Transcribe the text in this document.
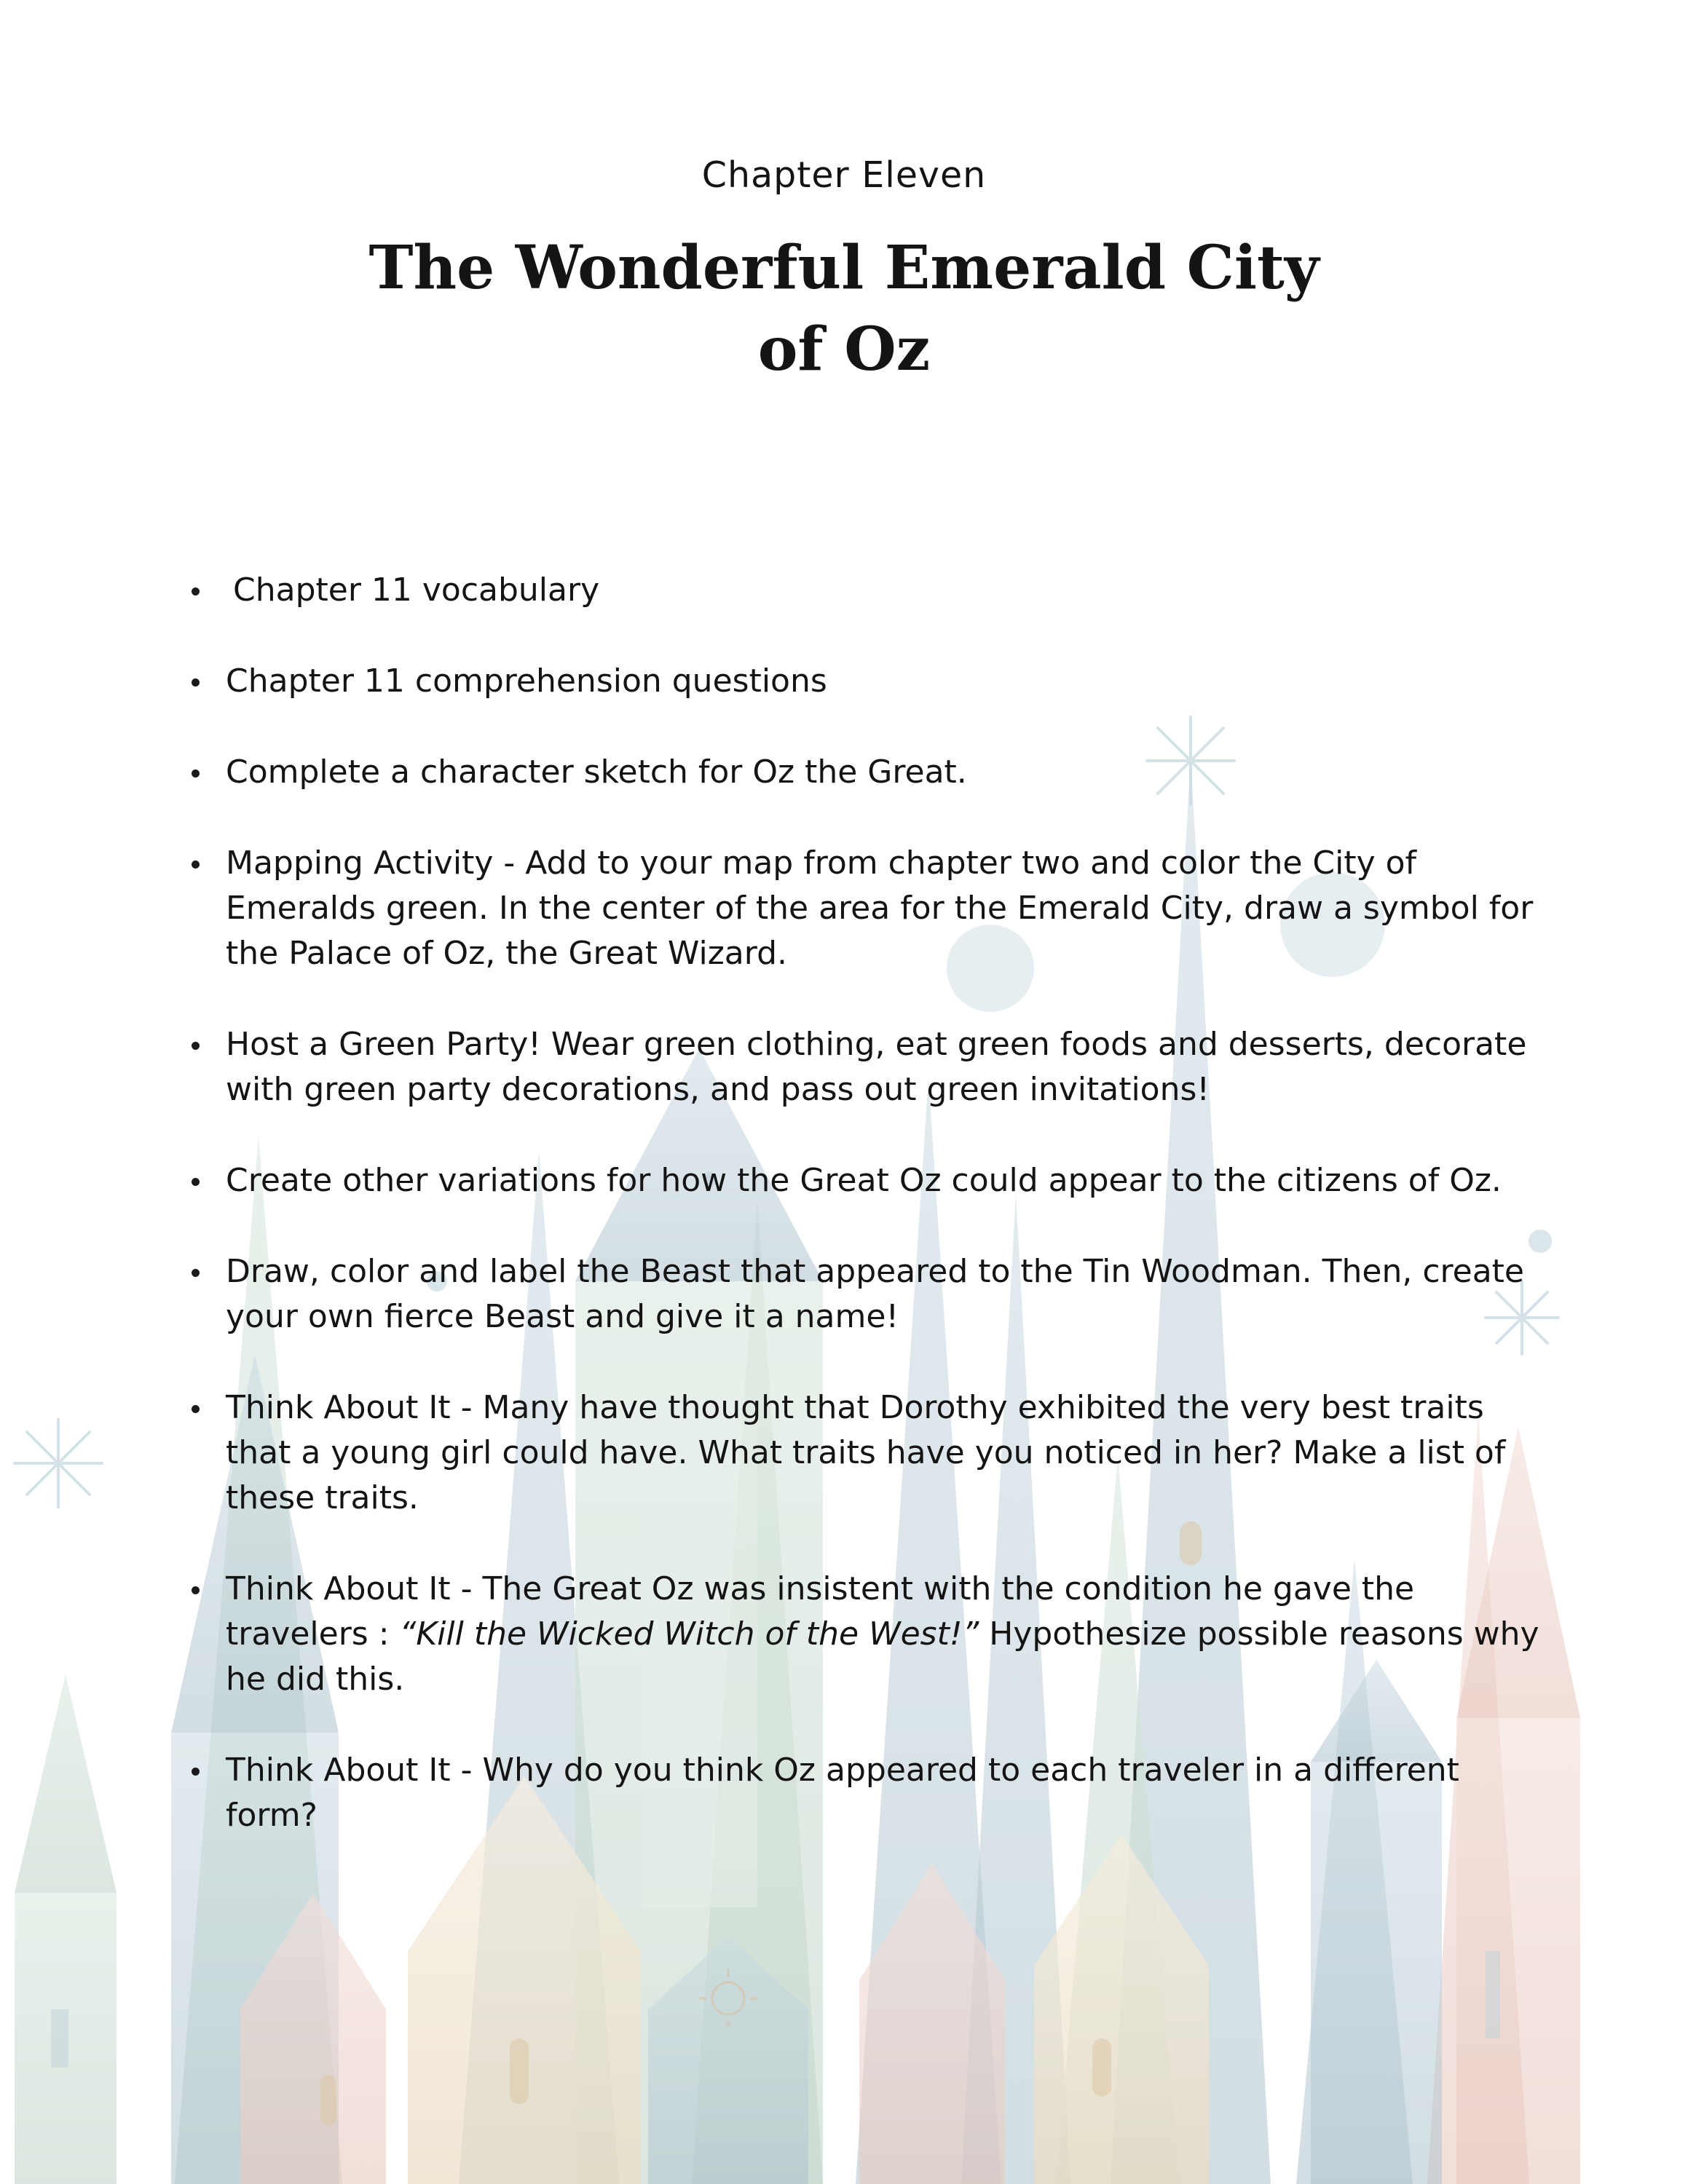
Chapter Eleven
The Wonderful Emerald City
of Oz
Chapter 11 vocabulary
Chapter 11 comprehension questions
Complete a character sketch for Oz the Great.
Mapping Activity - Add to your map from chapter two and color the City of Emeralds green. In the center of the area for the Emerald City, draw a symbol for the Palace of Oz, the Great Wizard.
Host a Green Party! Wear green clothing, eat green foods and desserts, decorate with green party decorations, and pass out green invitations!
Create other variations for how the Great Oz could appear to the citizens of Oz.
Draw, color and label the Beast that appeared to the Tin Woodman. Then, create your own fierce Beast and give it a name!
Think About It - Many have thought that Dorothy exhibited the very best traits that a young girl could have. What traits have you noticed in her? Make a list of these traits.
Think About It - The Great Oz was insistent with the condition he gave the travelers : “Kill the Wicked Witch of the West!” Hypothesize possible reasons why he did this.
Think About It - Why do you think Oz appeared to each traveler in a different form?
